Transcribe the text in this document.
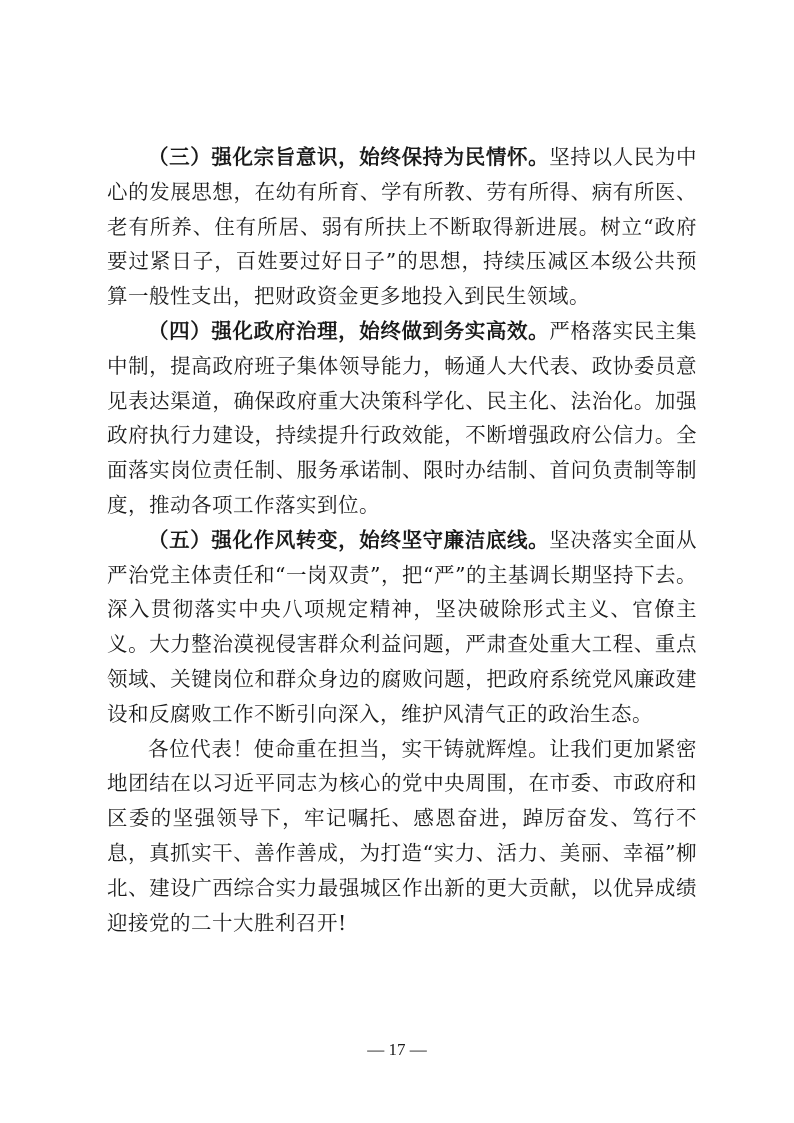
（三）强化宗旨意识，始终保持为民情怀。坚持以人民为中心的发展思想，在幼有所育、学有所教、劳有所得、病有所医、老有所养、住有所居、弱有所扶上不断取得新进展。树立“政府要过紧日子，百姓要过好日子”的思想，持续压减区本级公共预算一般性支出，把财政资金更多地投入到民生领域。

（四）强化政府治理，始终做到务实高效。严格落实民主集中制，提高政府班子集体领导能力，畅通人大代表、政协委员意见表达渠道，确保政府重大决策科学化、民主化、法治化。加强政府执行力建设，持续提升行政效能，不断增强政府公信力。全面落实岗位责任制、服务承诺制、限时办结制、首问负责制等制度，推动各项工作落实到位。

（五）强化作风转变，始终坚守廉洁底线。坚决落实全面从严治党主体责任和“一岗双责”，把“严”的主基调长期坚持下去。深入贯彻落实中央八项规定精神，坚决破除形式主义、官僚主义。大力整治漠视侵害群众利益问题，严肃查处重大工程、重点领域、关键岗位和群众身边的腐败问题，把政府系统党风廉政建设和反腐败工作不断引向深入，维护风清气正的政治生态。

各位代表！使命重在担当，实干铸就辉煌。让我们更加紧密地团结在以习近平同志为核心的党中央周围，在市委、市政府和区委的坚强领导下，牢记嘱托、感恩奋进，踔厉奋发、笃行不息，真抓实干、善作善成，为打造“实力、活力、美丽、幸福”柳北、建设广西综合实力最强城区作出新的更大贡献，以优异成绩迎接党的二十大胜利召开!

— 17 —
